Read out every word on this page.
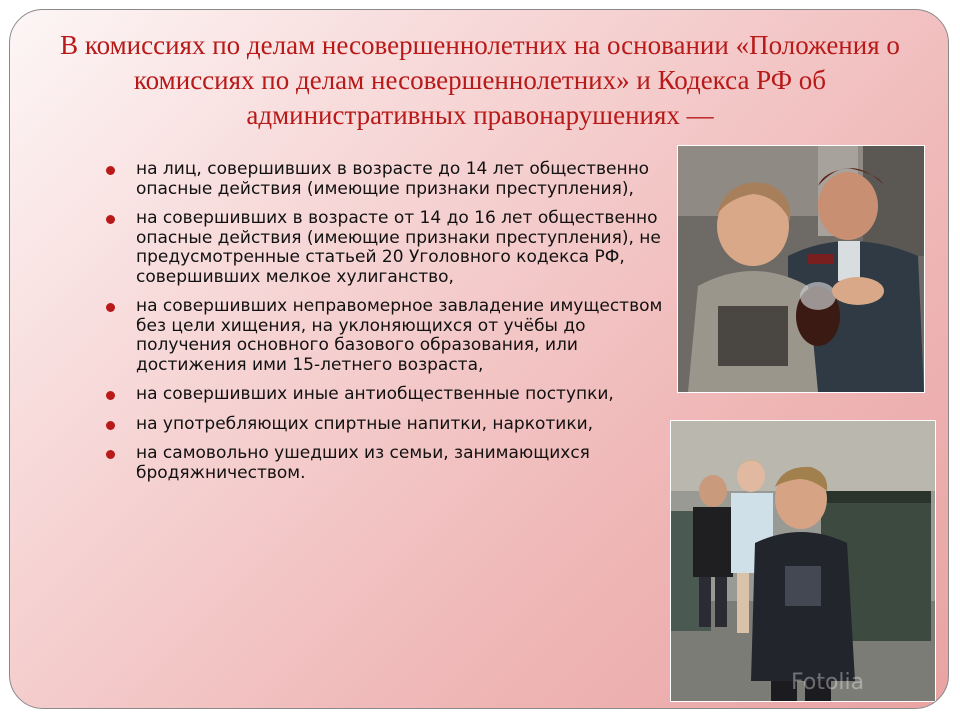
В комиссиях по делам несовершеннолетних на основании «Положения о комиссиях по делам несовершеннолетних» и Кодекса РФ об административных правонарушениях —
на лиц, совершивших в возрасте до 14 лет общественно опасные действия (имеющие признаки преступления),
на совершивших в возрасте от 14 до 16 лет общественно опасные действия (имеющие признаки преступления), не предусмотренные статьей 20 Уголовного кодекса РФ, совершивших мелкое хулиганство,
на совершивших неправомерное завладение имуществом без цели хищения, на уклоняющихся от учёбы до получения основного базового образования, или достижения ими 15-летнего возраста,
на совершивших иные антиобщественные поступки,
на употребляющих спиртные напитки, наркотики,
на самовольно ушедших из семьи, занимающихся бродяжничеством.
Fotolia
